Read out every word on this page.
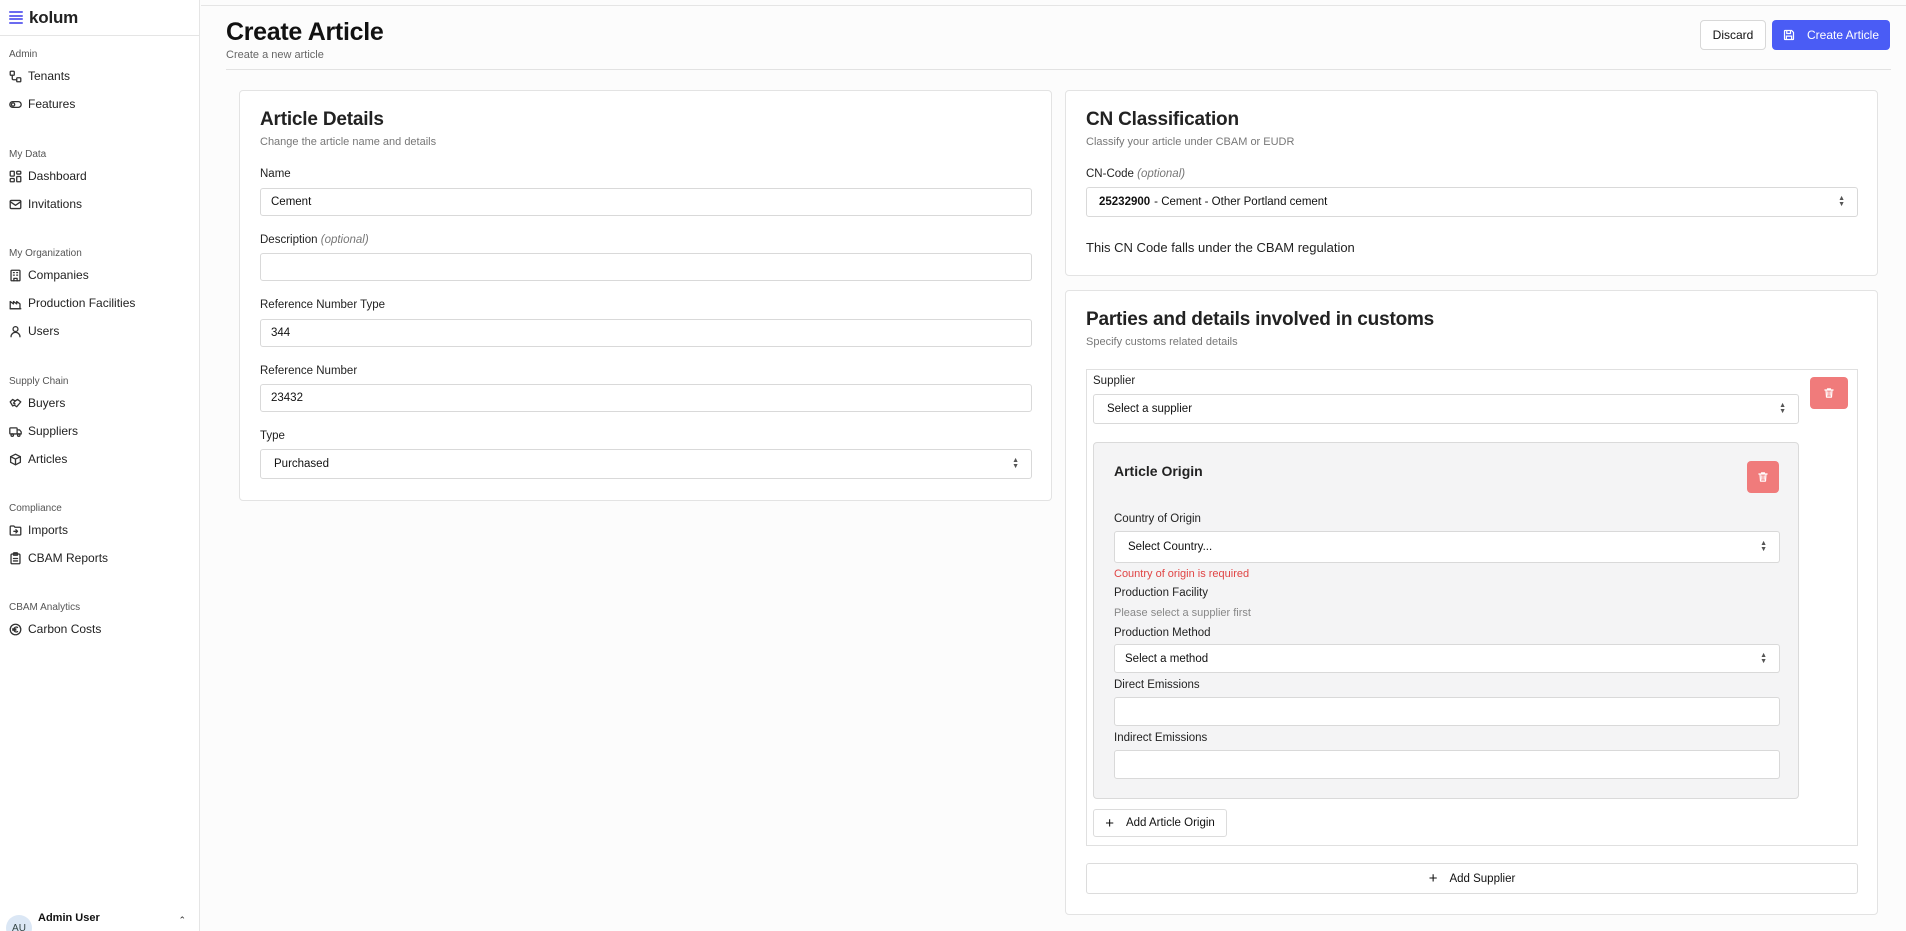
kolum
Admin
Tenants
Features
My Data
Dashboard
Invitations
My Organization
Companies
Production Facilities
Users
Supply Chain
Buyers
Suppliers
Articles
Compliance
Imports
CBAM Reports
CBAM Analytics
Carbon Costs
AU
Admin User	⌃
Create Article
Create a new article
Discard	Create Article
Article Details
Change the article name and details
Name
Cement
Description (optional)
Reference Number Type
344
Reference Number
23432
Type
Purchased	▲
▼
CN Classification
Classify your article under CBAM or EUDR
CN-Code (optional)
25232900 - Cement - Other Portland cement	▲
▼
This CN Code falls under the CBAM regulation
Parties and details involved in customs
Specify customs related details
Supplier
Select a supplier	▲
▼
Article Origin
Country of Origin
Select Country...	▲
▼
Country of origin is required
Production Facility
Please select a supplier first
Production Method
Select a method	▲
▼
Direct Emissions
Indirect Emissions
+ Add Article Origin
+ Add Supplier
